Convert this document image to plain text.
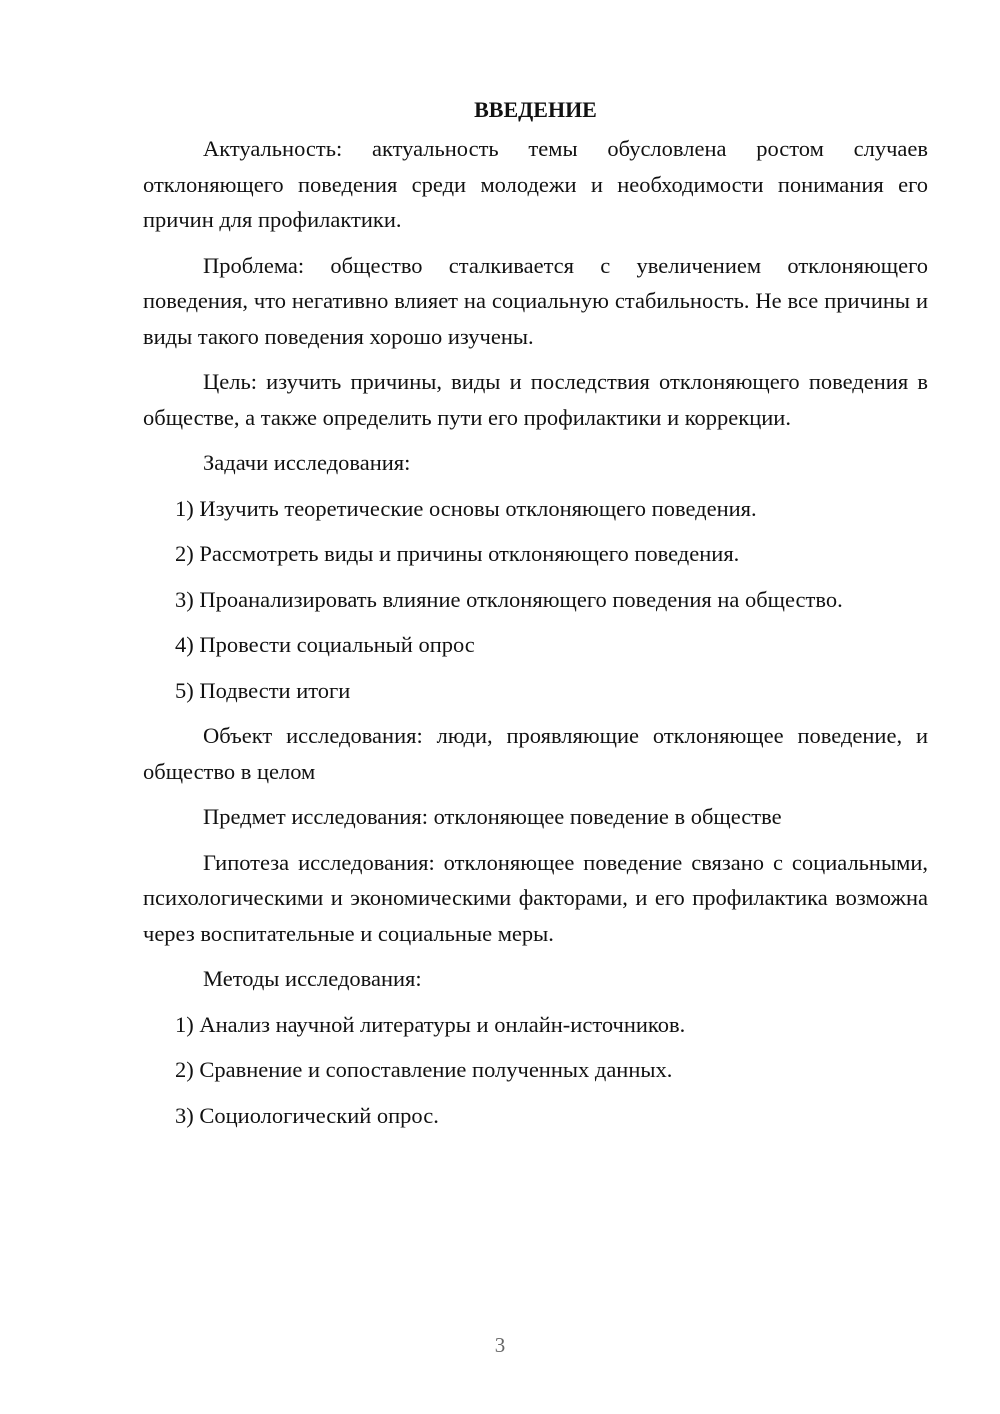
ВВЕДЕНИЕ

Актуальность: актуальность темы обусловлена ростом случаев отклоняющего поведения среди молодежи и необходимости понимания его причин для профилактики.

Проблема: общество сталкивается с увеличением отклоняющего поведения, что негативно влияет на социальную стабильность. Не все причины и виды такого поведения хорошо изучены.

Цель: изучить причины, виды и последствия отклоняющего поведения в обществе, а также определить пути его профилактики и коррекции.

Задачи исследования:

1) Изучить теоретические основы отклоняющего поведения.

2) Рассмотреть виды и причины отклоняющего поведения.

3) Проанализировать влияние отклоняющего поведения на общество.

4) Провести социальный опрос

5) Подвести итоги

Объект исследования: люди, проявляющие отклоняющее поведение, и общество в целом

Предмет исследования: отклоняющее поведение в обществе

Гипотеза исследования: отклоняющее поведение связано с социальными, психологическими и экономическими факторами, и его профилактика возможна через воспитательные и социальные меры.

Методы исследования:

1) Анализ научной литературы и онлайн-источников.

2) Сравнение и сопоставление полученных данных.

3) Социологический опрос.

3
